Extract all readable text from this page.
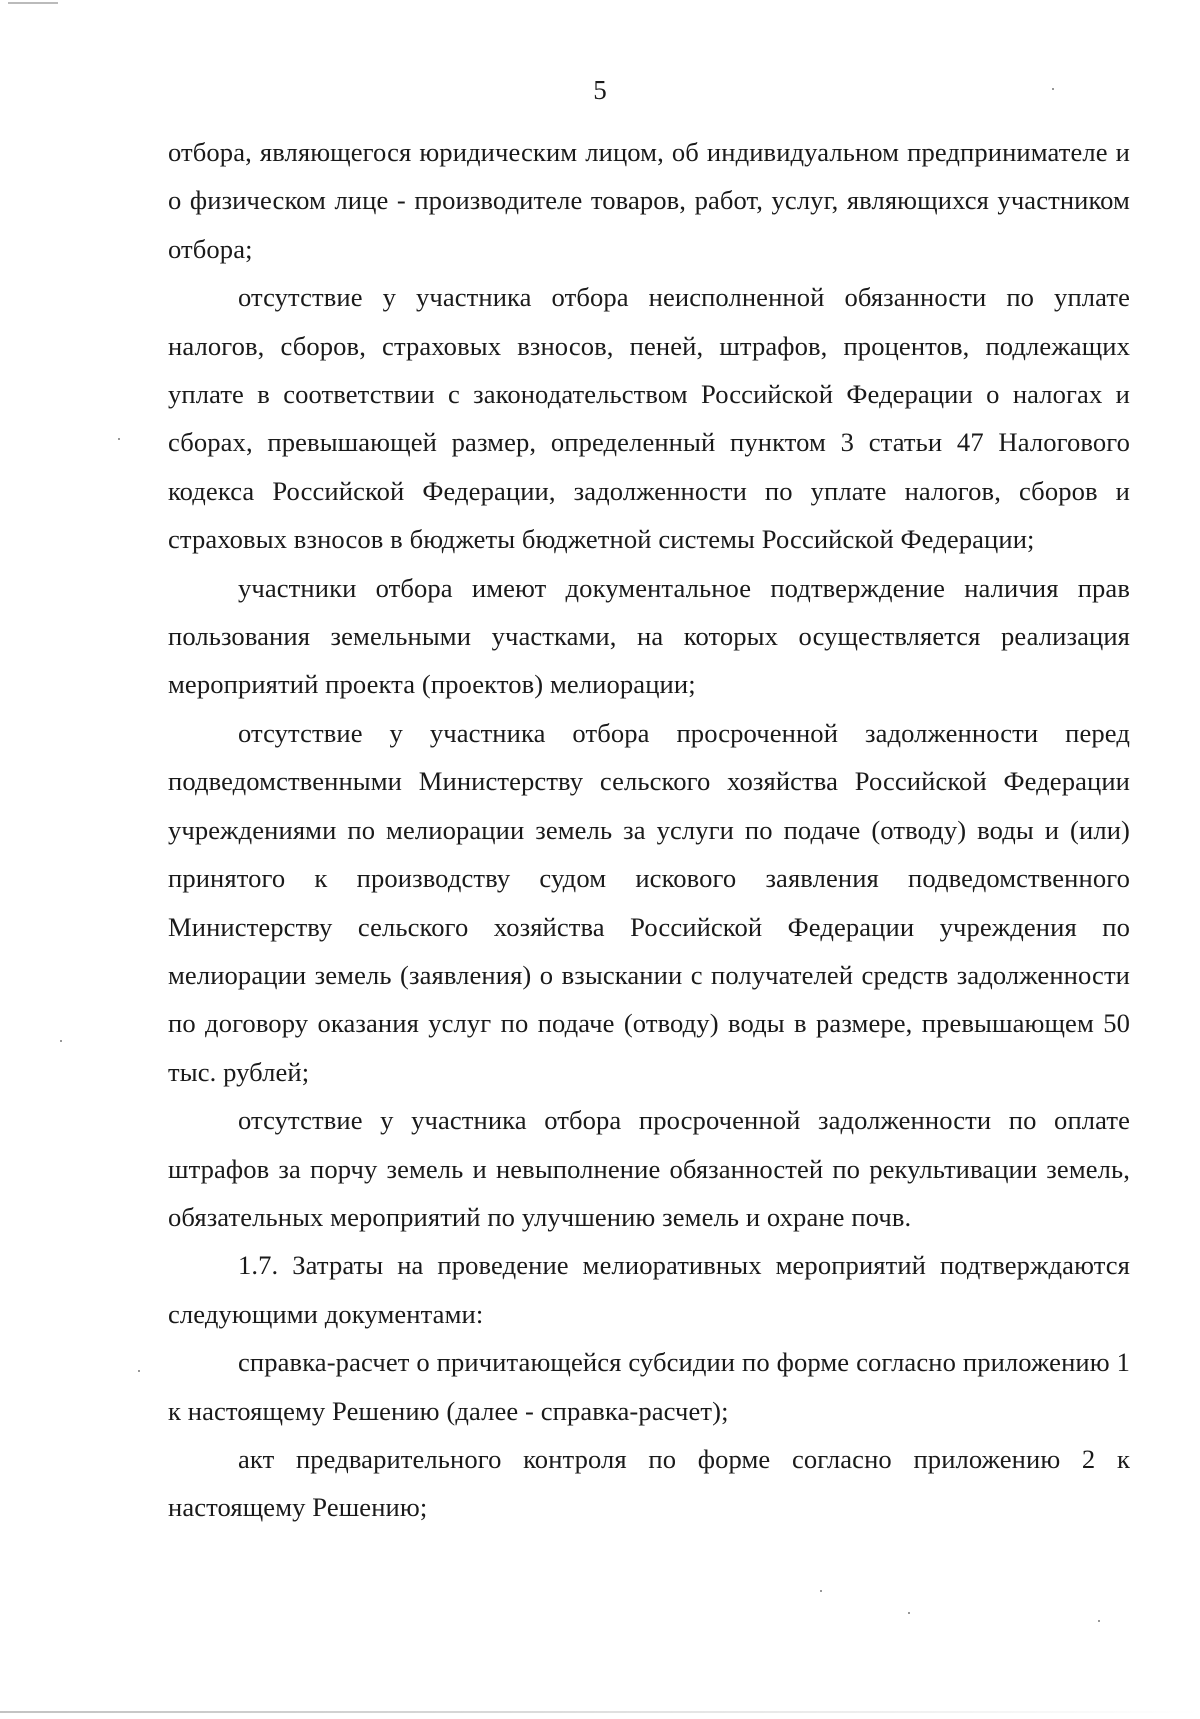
5

отбора, являющегося юридическим лицом, об индивидуальном предпринимателе и о физическом лице - производителе товаров, работ, услуг, являющихся участником отбора;

отсутствие у участника отбора неисполненной обязанности по уплате налогов, сборов, страховых взносов, пеней, штрафов, процентов, подлежащих уплате в соответствии с законодательством Российской Федерации о налогах и сборах, превышающей размер, определенный пунктом 3 статьи 47 Налогового кодекса Российской Федерации, задолженности по уплате налогов, сборов и страховых взносов в бюджеты бюджетной системы Российской Федерации;

участники отбора имеют документальное подтверждение наличия прав пользования земельными участками, на которых осуществляется реализация мероприятий проекта (проектов) мелиорации;

отсутствие у участника отбора просроченной задолженности перед подведомственными Министерству сельского хозяйства Российской Федерации учреждениями по мелиорации земель за услуги по подаче (отводу) воды и (или) принятого к производству судом искового заявления подведомственного Министерству сельского хозяйства Российской Федерации учреждения по мелиорации земель (заявления) о взыскании с получателей средств задолженности по договору оказания услуг по подаче (отводу) воды в размере, превышающем 50 тыс. рублей;

отсутствие у участника отбора просроченной задолженности по оплате штрафов за порчу земель и невыполнение обязанностей по рекультивации земель, обязательных мероприятий по улучшению земель и охране почв.

1.7. Затраты на проведение мелиоративных мероприятий подтверждаются следующими документами:

справка-расчет о причитающейся субсидии по форме согласно приложению 1 к настоящему Решению (далее - справка-расчет);

акт предварительного контроля по форме согласно приложению 2 к настоящему Решению;
